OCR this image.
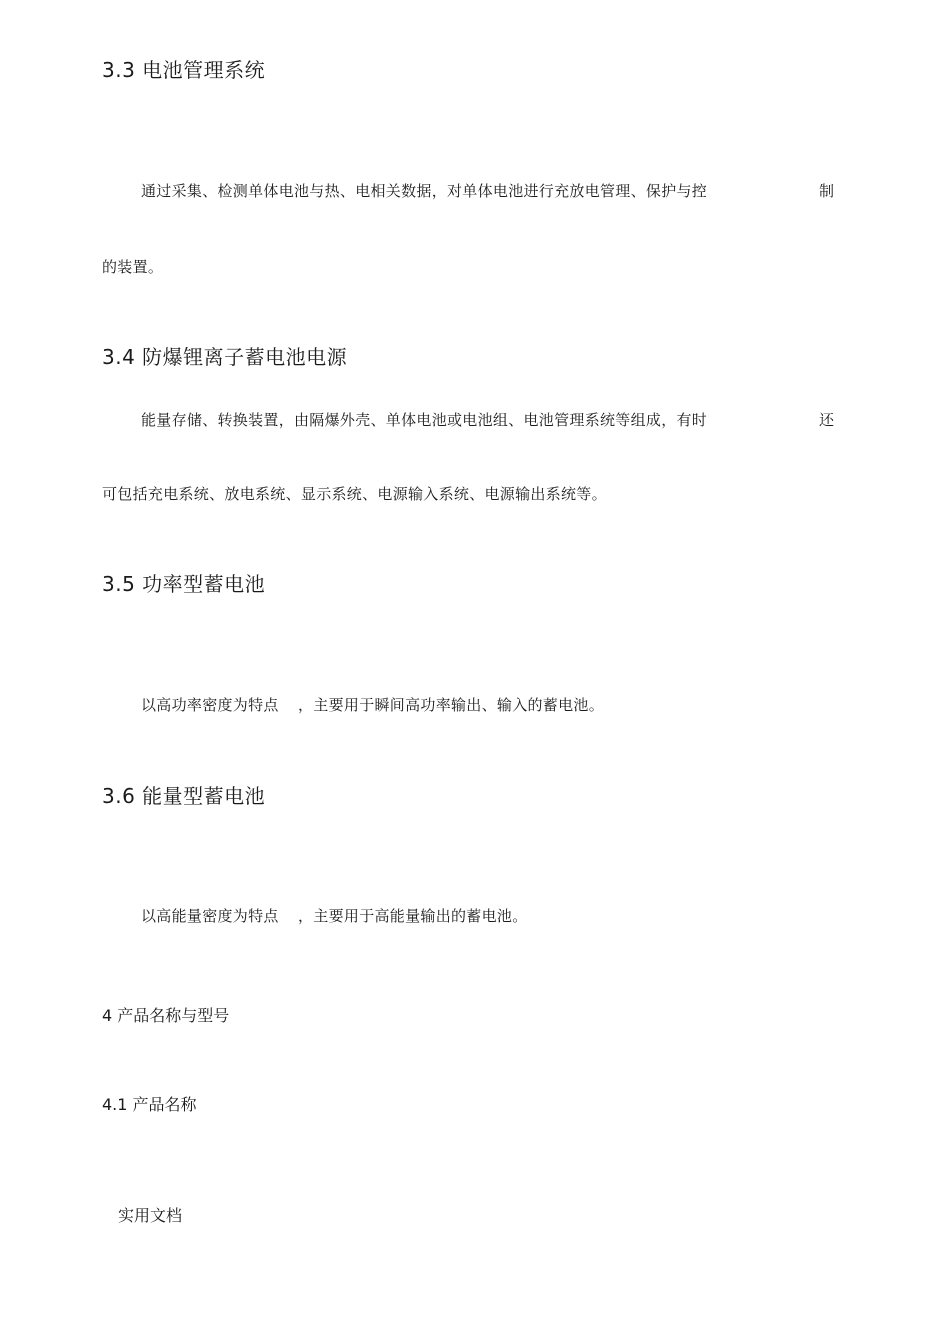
3.3 电池管理系统
通过采集、检测单体电池与热、电相关数据，对单体电池进行充放电管理、保护与控	制
的装置。
3.4 防爆锂离子蓄电池电源
能量存储、转换装置，由隔爆外壳、单体电池或电池组、电池管理系统等组成，有时	还
可包括充电系统、放电系统、显示系统、电源输入系统、电源输出系统等。
3.5 功率型蓄电池
以高功率密度为特点 ，主要用于瞬间高功率输出、输入的蓄电池。
3.6 能量型蓄电池
以高能量密度为特点 ，主要用于高能量输出的蓄电池。
4 产品名称与型号
4.1 产品名称
实用文档
